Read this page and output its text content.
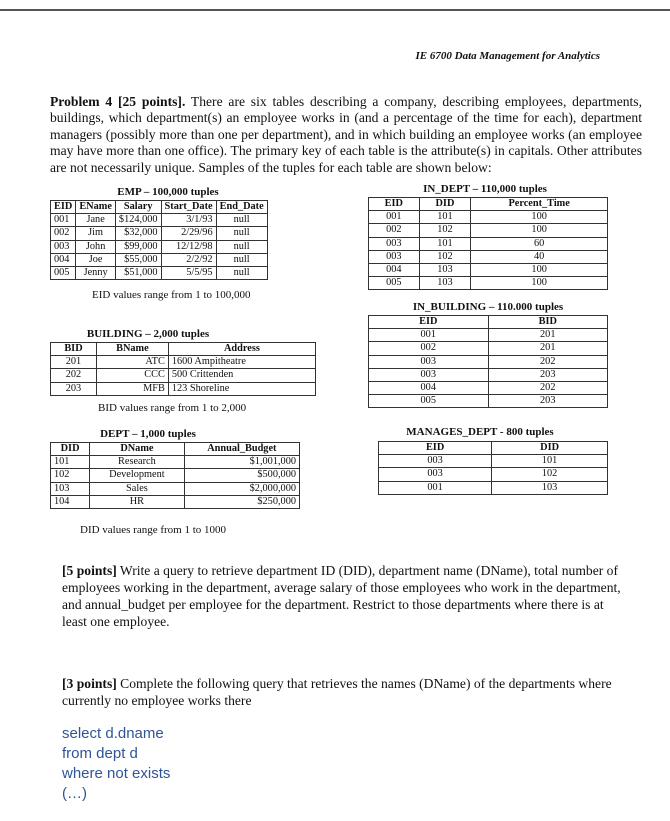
IE 6700 Data Management for Analytics
Problem 4 [25 points]. There are six tables describing a company, describing employees, departments, buildings, which department(s) an employee works in (and a percentage of the time for each), department managers (possibly more than one per department), and in which building an employee works (an employee may have more than one office). The primary key of each table is the attribute(s) in capitals. Other attributes are not necessarily unique. Samples of the tuples for each table are shown below:
EMP – 100,000 tuples
EID	EName	Salary	Start_Date	End_Date
001	Jane	$124,000	3/1/93	null
002	Jim	$32,000	2/29/96	null
003	John	$99,000	12/12/98	null
004	Joe	$55,000	2/2/92	null
005	Jenny	$51,000	5/5/95	null
EID values range from 1 to 100,000
IN_DEPT – 110,000 tuples
EID	DID	Percent_Time
001	101	100
002	102	100
003	101	60
003	102	40
004	103	100
005	103	100
IN_BUILDING – 110.000 tuples
EID	BID
001	201
002	201
003	202
003	203
004	202
005	203
BUILDING – 2,000 tuples
BID	BName	Address
201	ATC	1600 Ampitheatre
202	CCC	500 Crittenden
203	MFB	123 Shoreline
BID values range from 1 to 2,000
DEPT – 1,000 tuples
DID	DName	Annual_Budget
101	Research	$1,001,000
102	Development	$500,000
103	Sales	$2,000,000
104	HR	$250,000
DID values range from 1 to 1000
MANAGES_DEPT - 800 tuples
EID	DID
003	101
003	102
001	103
[5 points] Write a query to retrieve department ID (DID), department name (DName), total number of employees working in the department, average salary of those employees who work in the department, and annual_budget per employee for the department. Restrict to those departments where there is at least one employee.
[3 points] Complete the following query that retrieves the names (DName) of the departments where currently no employee works there
select d.dname
from dept d
where not exists
(…)
